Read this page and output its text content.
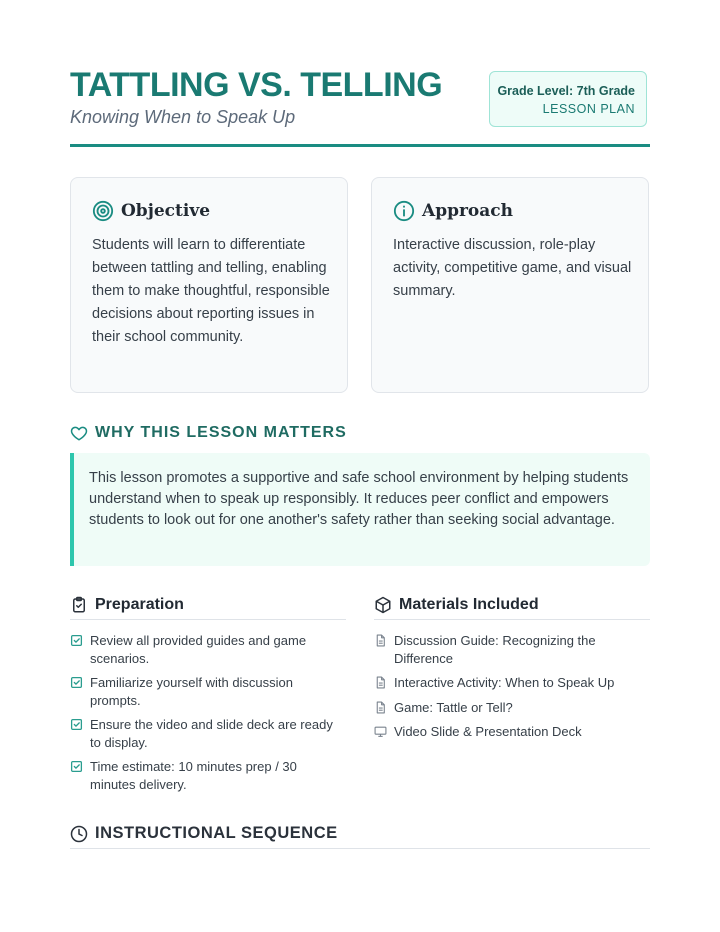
TATTLING VS. TELLING

Knowing When to Speak Up

Grade Level: 7th Grade
LESSON PLAN
Objective

Students will learn to differentiate between tattling and telling, enabling them to make thoughtful, responsible decisions about reporting issues in their school community.

Approach

Interactive discussion, role-play activity, competitive game, and visual summary.

WHY THIS LESSON MATTERS

This lesson promotes a supportive and safe school environment by helping students understand when to speak up responsibly. It reduces peer conflict and empowers students to look out for one another's safety rather than seeking social advantage.

Preparation
Review all provided guides and game scenarios.
Familiarize yourself with discussion prompts.
Ensure the video and slide deck are ready to display.
Time estimate: 10 minutes prep / 30 minutes delivery.
Materials Included
Discussion Guide: Recognizing the Difference
Interactive Activity: When to Speak Up
Game: Tattle or Tell?
Video Slide & Presentation Deck
INSTRUCTIONAL SEQUENCE
